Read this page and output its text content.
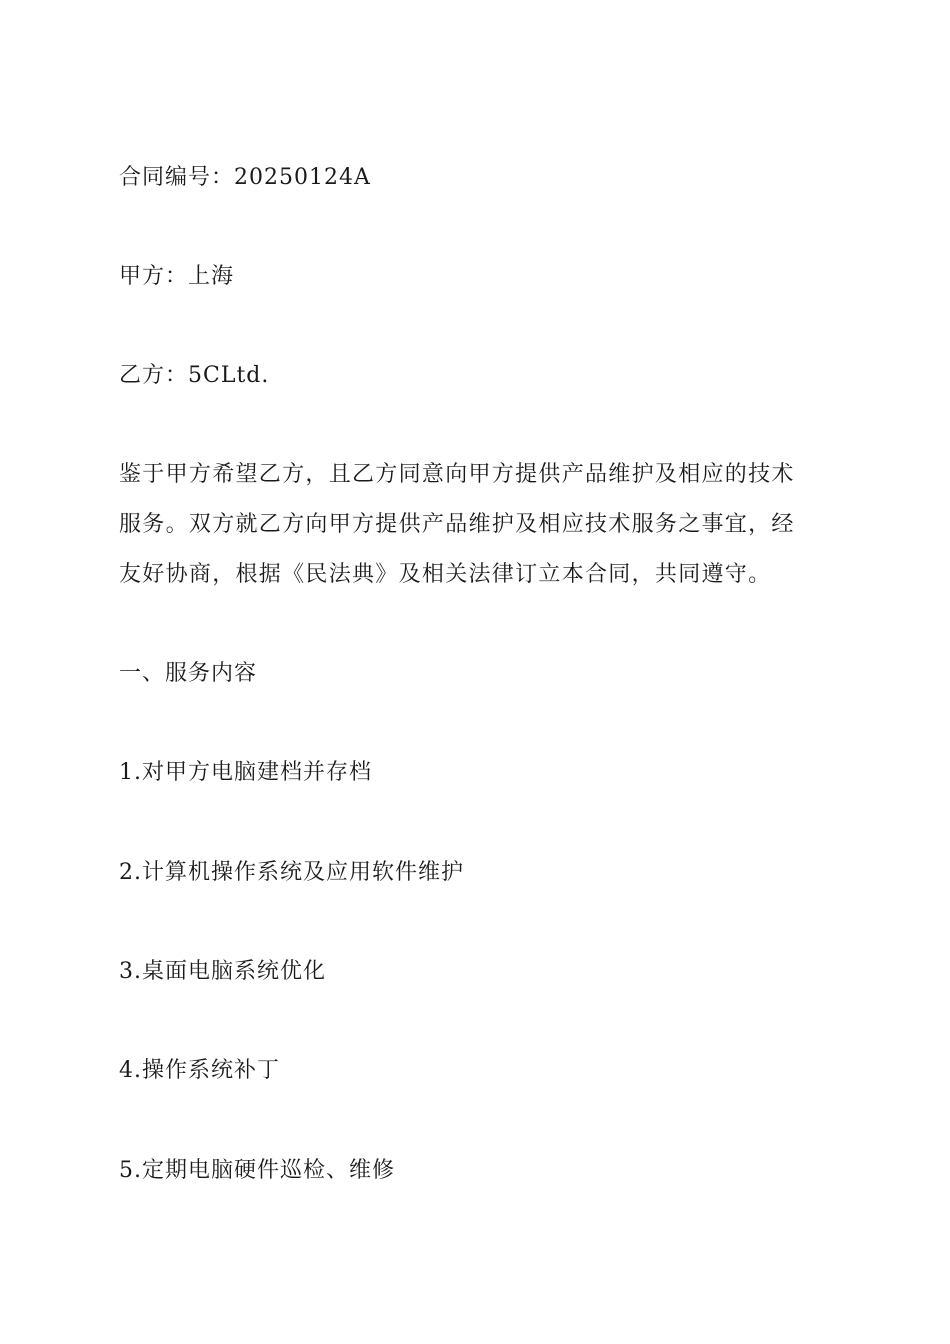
合同编号：20250124A
甲方：上海
乙方：5CLtd.

鉴于甲方希望乙方，且乙方同意向甲方提供产品维护及相应的技术

服务。双方就乙方向甲方提供产品维护及相应技术服务之事宜，经

友好协商，根据《民法典》及相关法律订立本合同，共同遵守。

一、服务内容
1.对甲方电脑建档并存档
2.计算机操作系统及应用软件维护
3.桌面电脑系统优化
4.操作系统补丁
5.定期电脑硬件巡检、维修
